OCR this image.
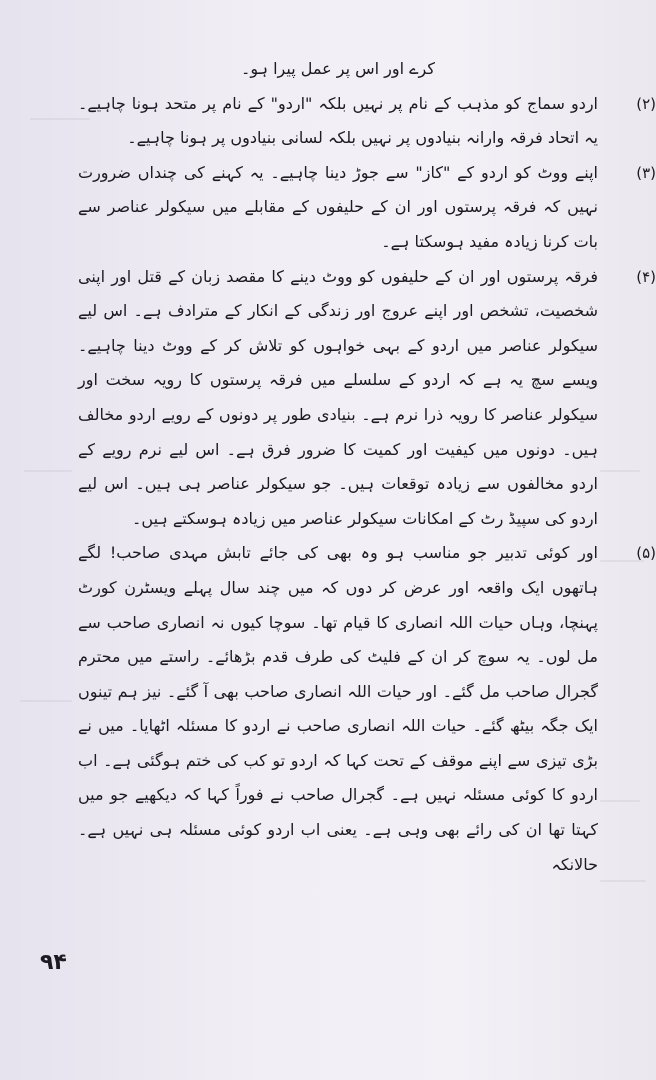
کرے اور اس پر عمل پیرا ہو۔

(۲)
اردو سماج کو مذہب کے نام پر نہیں بلکہ "اردو" کے نام پر متحد ہونا چاہیے۔ یہ اتحاد فرقہ وارانہ بنیادوں پر نہیں بلکہ لسانی بنیادوں پر ہونا چاہیے۔
(۳)
اپنے ووٹ کو اردو کے "کاز" سے جوڑ دینا چاہیے۔ یہ کہنے کی چنداں ضرورت نہیں کہ فرقہ پرستوں اور ان کے حلیفوں کے مقابلے میں سیکولر عناصر سے بات کرنا زیادہ مفید ہوسکتا ہے۔
(۴)
فرقہ پرستوں اور ان کے حلیفوں کو ووٹ دینے کا مقصد زبان کے قتل اور اپنی شخصیت، تشخص اور اپنے عروج اور زندگی کے انکار کے مترادف ہے۔ اس لیے سیکولر عناصر میں اردو کے بہی خواہوں کو تلاش کر کے ووٹ دینا چاہیے۔ ویسے سچ یہ ہے کہ اردو کے سلسلے میں فرقہ پرستوں کا رویہ سخت اور سیکولر عناصر کا رویہ ذرا نرم ہے۔ بنیادی طور پر دونوں کے رویے اردو مخالف ہیں۔ دونوں میں کیفیت اور کمیت کا ضرور فرق ہے۔ اس لیے نرم رویے کے اردو مخالفوں سے زیادہ توقعات ہیں۔ جو سیکولر عناصر ہی ہیں۔ اس لیے اردو کی سپیڈ رٹ کے امکانات سیکولر عناصر میں زیادہ ہوسکتے ہیں۔
(۵)
اور کوئی تدبیر جو مناسب ہو وہ بھی کی جائے تابش مہدی صاحب! لگے ہاتھوں ایک واقعہ اور عرض کر دوں کہ میں چند سال پہلے ویسٹرن کورٹ پہنچا، وہاں حیات اللہ انصاری کا قیام تھا۔ سوچا کیوں نہ انصاری صاحب سے مل لوں۔ یہ سوچ کر ان کے فلیٹ کی طرف قدم بڑھائے۔ راستے میں محترم گجرال صاحب مل گئے۔ اور حیات اللہ انصاری صاحب بھی آ گئے۔ نیز ہم تینوں ایک جگہ بیٹھ گئے۔ حیات اللہ انصاری صاحب نے اردو کا مسئلہ اٹھایا۔ میں نے بڑی تیزی سے اپنے موقف کے تحت کہا کہ اردو تو کب کی ختم ہوگئی ہے۔ اب اردو کا کوئی مسئلہ نہیں ہے۔ گجرال صاحب نے فوراً کہا کہ دیکھیے جو میں کہتا تھا ان کی رائے بھی وہی ہے۔ یعنی اب اردو کوئی مسئلہ ہی نہیں ہے۔ حالانکہ
۹۴
